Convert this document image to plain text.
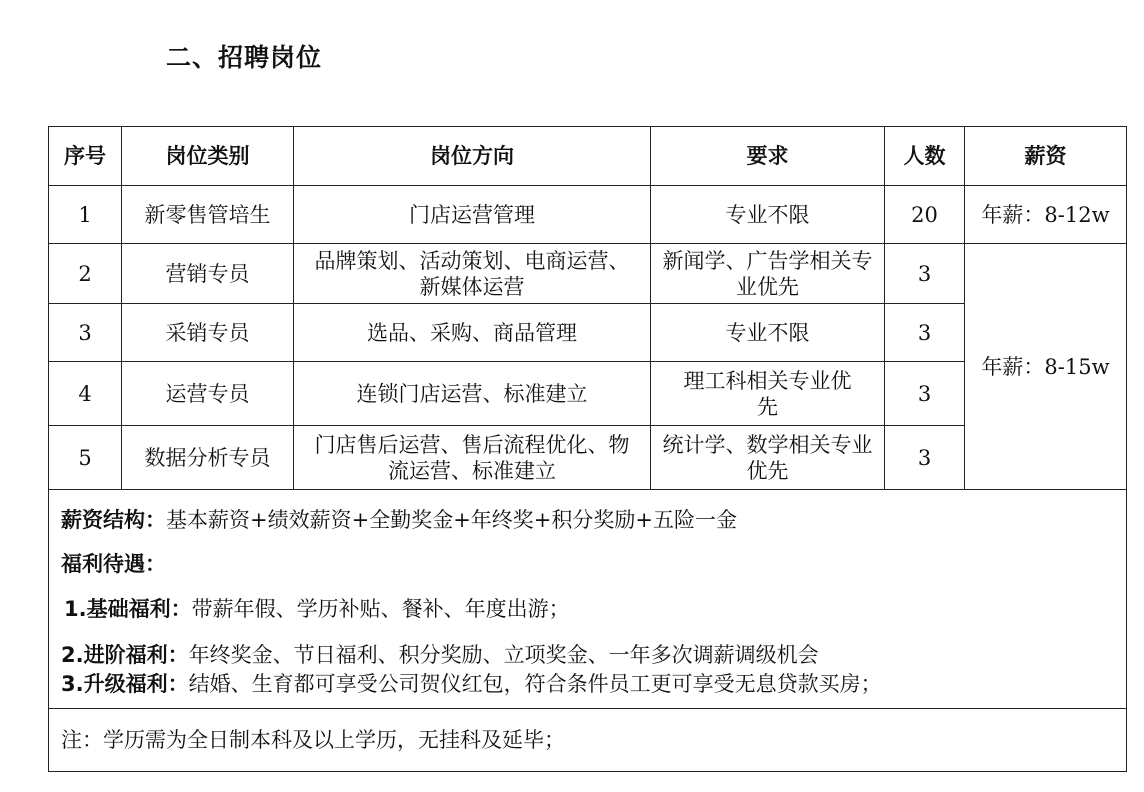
二、招聘岗位
序号	岗位类别	岗位方向	要求	人数	薪资
1	新零售管培生	门店运营管理	专业不限	20	年薪：8-12w
2	营销专员	品牌策划、活动策划、电商运营、新媒体运营	新闻学、广告学相关专业优先	3	年薪：8-15w
3	采销专员	选品、采购、商品管理	专业不限	3	
4	运营专员	连锁门店运营、标准建立	理工科相关专业优先	3	
5	数据分析专员	门店售后运营、售后流程优化、物流运营、标准建立	统计学、数学相关专业优先	3	

薪资结构：基本薪资+绩效薪资+全勤奖金+年终奖+积分奖励+五险一金
福利待遇：
1.基础福利：带薪年假、学历补贴、餐补、年度出游；
2.进阶福利：年终奖金、节日福利、积分奖励、立项奖金、一年多次调薪调级机会
3.升级福利：结婚、生育都可享受公司贺仪红包，符合条件员工更可享受无息贷款买房；					

注：学历需为全日制本科及以上学历，无挂科及延毕；					
